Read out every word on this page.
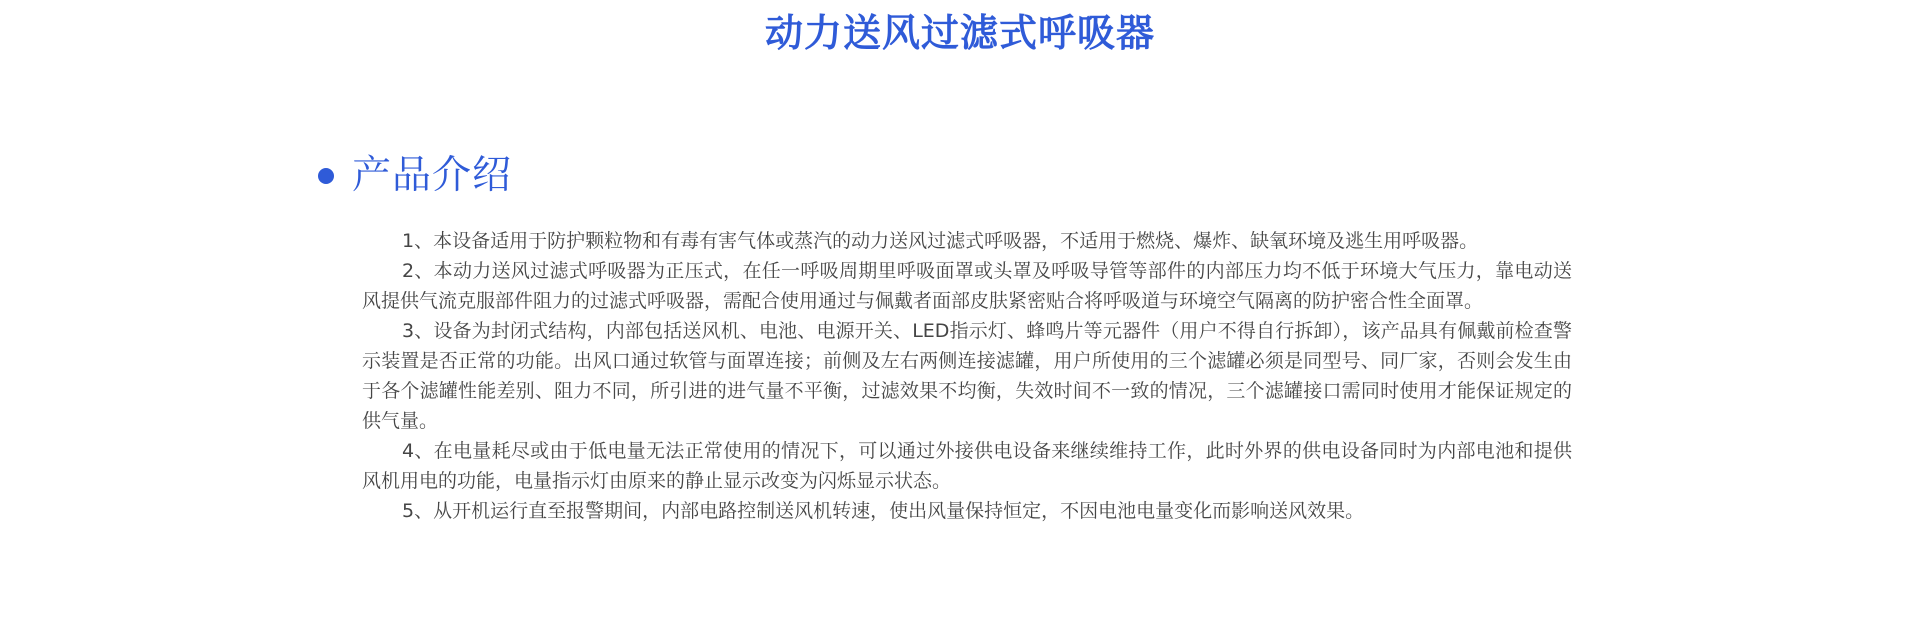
动力送风过滤式呼吸器
产品介绍

1、本设备适用于防护颗粒物和有毒有害气体或蒸汽的动力送风过滤式呼吸器，不适用于燃烧、爆炸、缺氧环境及逃生用呼吸器。

2、本动力送风过滤式呼吸器为正压式，在任一呼吸周期里呼吸面罩或头罩及呼吸导管等部件的内部压力均不低于环境大气压力，靠电动送风提供气流克服部件阻力的过滤式呼吸器，需配合使用通过与佩戴者面部皮肤紧密贴合将呼吸道与环境空气隔离的防护密合性全面罩。

3、设备为封闭式结构，内部包括送风机、电池、电源开关、LED指示灯、蜂鸣片等元器件（用户不得自行拆卸），该产品具有佩戴前检查警示装置是否正常的功能。出风口通过软管与面罩连接；前侧及左右两侧连接滤罐，用户所使用的三个滤罐必须是同型号、同厂家，否则会发生由于各个滤罐性能差别、阻力不同，所引进的进气量不平衡，过滤效果不均衡，失效时间不一致的情况，三个滤罐接口需同时使用才能保证规定的供气量。

4、在电量耗尽或由于低电量无法正常使用的情况下，可以通过外接供电设备来继续维持工作，此时外界的供电设备同时为内部电池和提供风机用电的功能，电量指示灯由原来的静止显示改变为闪烁显示状态。

5、从开机运行直至报警期间，内部电路控制送风机转速，使出风量保持恒定，不因电池电量变化而影响送风效果。
